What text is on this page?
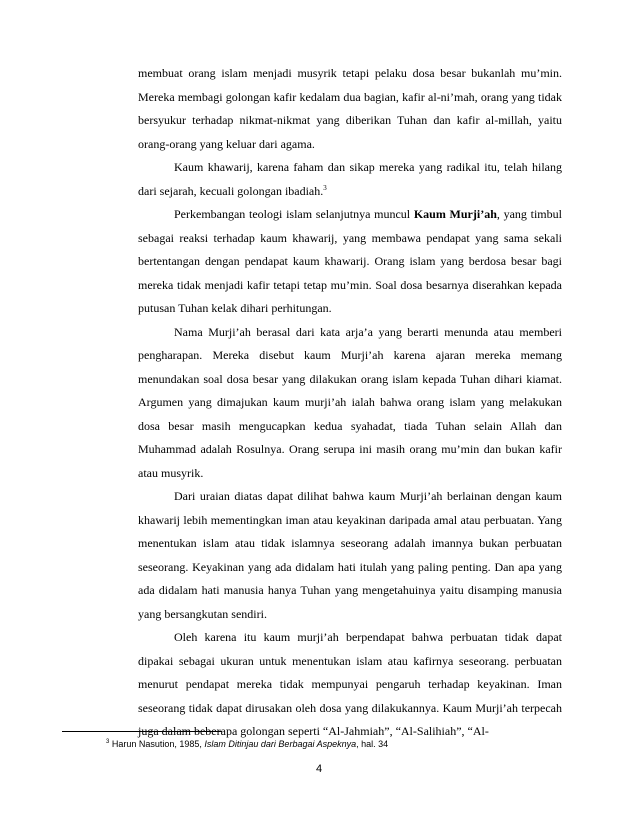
membuat orang islam menjadi musyrik tetapi pelaku dosa besar bukanlah mu’min. Mereka membagi golongan kafir kedalam dua bagian, kafir al-ni’mah, orang yang tidak bersyukur terhadap nikmat-nikmat yang diberikan Tuhan dan kafir al-millah, yaitu orang-orang yang keluar dari agama.

Kaum khawarij, karena faham dan sikap mereka yang radikal itu, telah hilang dari sejarah, kecuali golongan ibadiah.$^3$

Perkembangan teologi islam selanjutnya muncul Kaum Murji’ah, yang timbul sebagai reaksi terhadap kaum khawarij, yang membawa pendapat yang sama sekali bertentangan dengan pendapat kaum khawarij. Orang islam yang berdosa besar bagi mereka tidak menjadi kafir tetapi tetap mu’min. Soal dosa besarnya diserahkan kepada putusan Tuhan kelak dihari perhitungan.

Nama Murji’ah berasal dari kata arja’a yang berarti menunda atau memberi pengharapan. Mereka disebut kaum Murji’ah karena ajaran mereka memang menundakan soal dosa besar yang dilakukan orang islam kepada Tuhan dihari kiamat. Argumen yang dimajukan kaum murji’ah ialah bahwa orang islam yang melakukan dosa besar masih mengucapkan kedua syahadat, tiada Tuhan selain Allah dan Muhammad adalah Rosulnya. Orang serupa ini masih orang mu’min dan bukan kafir atau musyrik.

Dari uraian diatas dapat dilihat bahwa kaum Murji’ah berlainan dengan kaum khawarij lebih mementingkan iman atau keyakinan daripada amal atau perbuatan. Yang menentukan islam atau tidak islamnya seseorang adalah imannya bukan perbuatan seseorang. Keyakinan yang ada didalam hati itulah yang paling penting. Dan apa yang ada didalam hati manusia hanya Tuhan yang mengetahuinya yaitu disamping manusia yang bersangkutan sendiri.

Oleh karena itu kaum murji’ah berpendapat bahwa perbuatan tidak dapat dipakai sebagai ukuran untuk menentukan islam atau kafirnya seseorang. perbuatan menurut pendapat mereka tidak mempunyai pengaruh terhadap keyakinan. Iman seseorang tidak dapat dirusakan oleh dosa yang dilakukannya. Kaum Murji’ah terpecah juga dalam beberapa golongan seperti “Al-Jahmiah”, “Al-Salihiah”, “Al-

$^3$ Harun Nasution, 1985, Islam Ditinjau dari Berbagai Aspeknya, hal. 34

4
